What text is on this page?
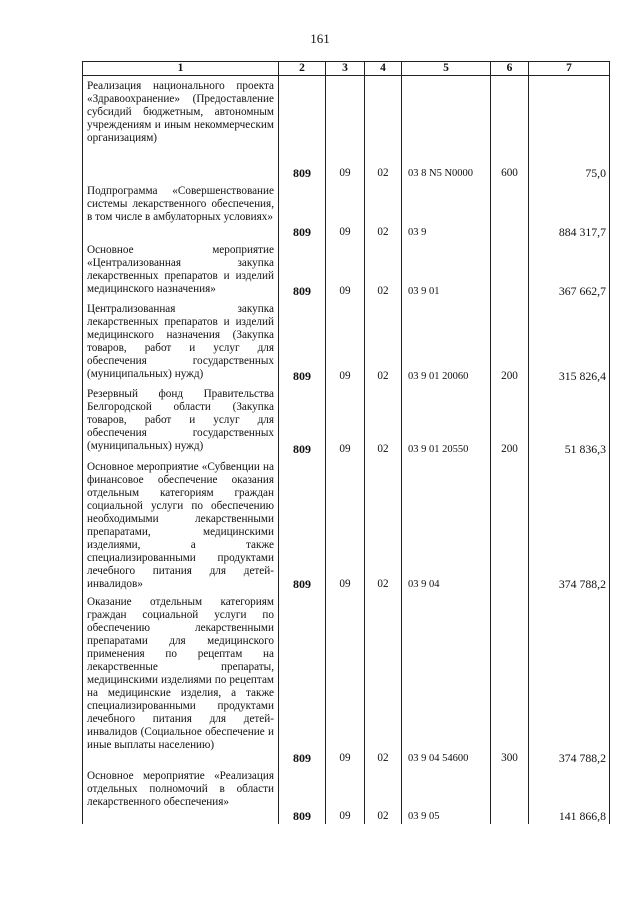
161
1	2	3	4	5	6	7
Реализация национального проекта «Здравоохранение» (Предоставление субсидий бюджетным, автономным учреждениям и иным некоммерческим организациям)	809	09	02	03 8 N5 N0000	600	75,0

Подпрограмма «Совершенствование системы лекарственного обеспечения, в том числе в амбулаторных условиях»	809	09	02	03 9		884 317,7

Основное мероприятие «Централизованная закупка лекарственных препаратов и изделий медицинского назначения»	809	09	02	03 9 01		367 662,7

Централизованная закупка лекарственных препаратов и изделий медицинского назначения (Закупка товаров, работ и услуг для обеспечения государственных (муниципальных) нужд)	809	09	02	03 9 01 20060	200	315 826,4

Резервный фонд Правительства Белгородской области (Закупка товаров, работ и услуг для обеспечения государственных (муниципальных) нужд)	809	09	02	03 9 01 20550	200	51 836,3

Основное мероприятие «Субвенции на финансовое обеспечение оказания отдельным категориям граждан социальной услуги по обеспечению необходимыми лекарственными препаратами, медицинскими изделиями, а также специализированными продуктами лечебного питания для детей-инвалидов»	809	09	02	03 9 04		374 788,2

Оказание отдельным категориям граждан социальной услуги по обеспечению лекарственными препаратами для медицинского применения по рецептам на лекарственные препараты, медицинскими изделиями по рецептам на медицинские изделия, а также специализированными продуктами лечебного питания для детей-инвалидов (Социальное обеспечение и иные выплаты населению)	809	09	02	03 9 04 54600	300	374 788,2

Основное мероприятие «Реализация отдельных полномочий в области лекарственного обеспечения»	809	09	02	03 9 05		141 866,8
